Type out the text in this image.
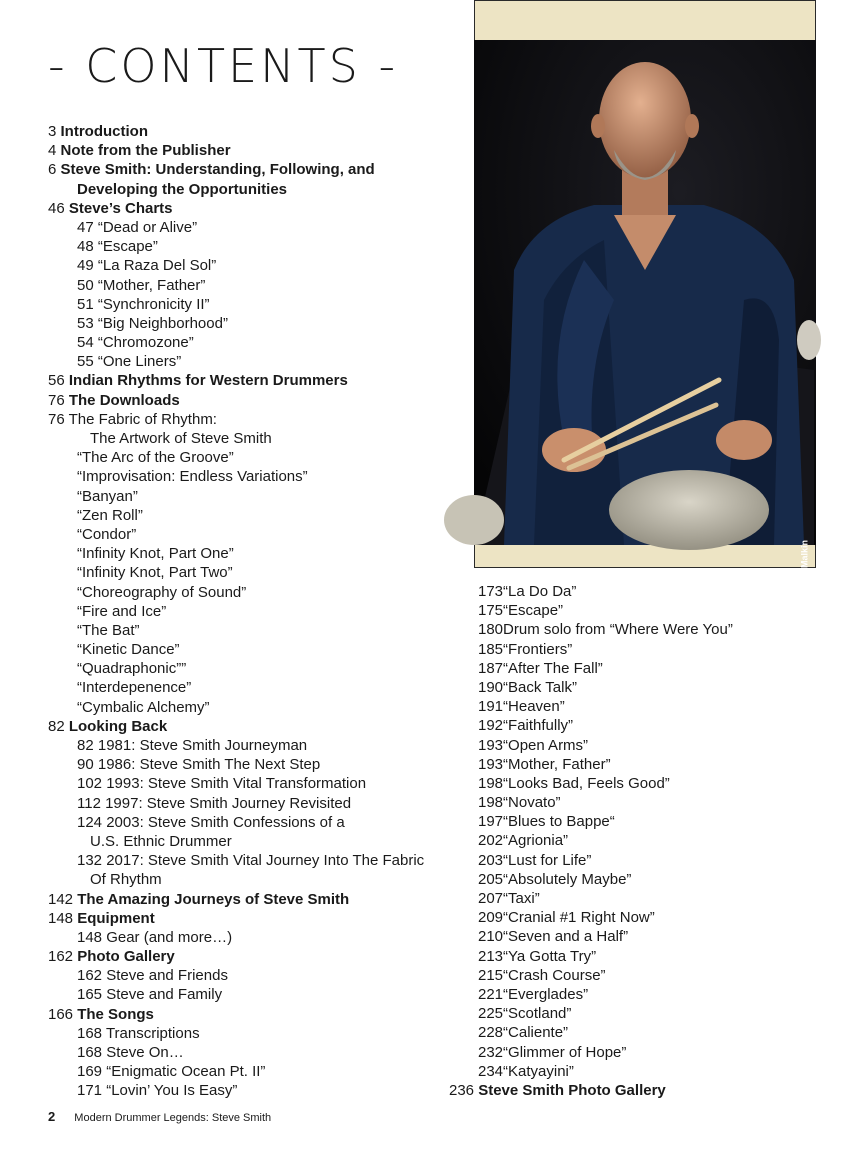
- CONTENTS -
3 Introduction
4 Note from the Publisher
6 Steve Smith: Understanding, Following, and
Developing the Opportunities
46 Steve’s Charts
47 “Dead or Alive”
48 “Escape”
49 “La Raza Del Sol”
50 “Mother, Father”
51 “Synchronicity II”
53 “Big Neighborhood”
54 “Chromozone”
55 “One Liners”
56 Indian Rhythms for Western Drummers
76 The Downloads
76 The Fabric of Rhythm:
The Artwork of Steve Smith
“The Arc of the Groove”
“Improvisation: Endless Variations”
“Banyan”
“Zen Roll”
“Condor”
“Infinity Knot, Part One”
“Infinity Knot, Part Two”
“Choreography of Sound”
“Fire and Ice”
“The Bat”
“Kinetic Dance”
“Quadraphonic””
“Interdepenence”
“Cymbalic Alchemy”
82 Looking Back
82 1981: Steve Smith Journeyman
90 1986: Steve Smith The Next Step
102 1993: Steve Smith Vital Transformation
112 1997: Steve Smith Journey Revisited
124 2003: Steve Smith Confessions of a
U.S. Ethnic Drummer
132 2017: Steve Smith Vital Journey Into The Fabric
Of Rhythm
142 The Amazing Journeys of Steve Smith
148 Equipment
148 Gear (and more…)
162 Photo Gallery
162 Steve and Friends
165 Steve and Family
166 The Songs
168 Transcriptions
168 Steve On…
169 “Enigmatic Ocean Pt. II”
171 “Lovin’ You Is Easy”
173“La Do Da”
175“Escape”
180Drum solo from “Where Were You”
185“Frontiers”
187“After The Fall”
190“Back Talk”
191“Heaven”
192“Faithfully”
193“Open Arms”
193“Mother, Father”
198“Looks Bad, Feels Good”
198“Novato”
197“Blues to Bappe“
202“Agrionia”
203“Lust for Life”
205“Absolutely Maybe”
207“Taxi”
209“Cranial #1 Right Now”
210“Seven and a Half”
213“Ya Gotta Try”
215“Crash Course”
221“Everglades”
225“Scotland”
228“Caliente”
232“Glimmer of Hope”
234“Katyayini”
236 Steve Smith Photo Gallery
Rick Malkin
2 Modern Drummer Legends: Steve Smith
